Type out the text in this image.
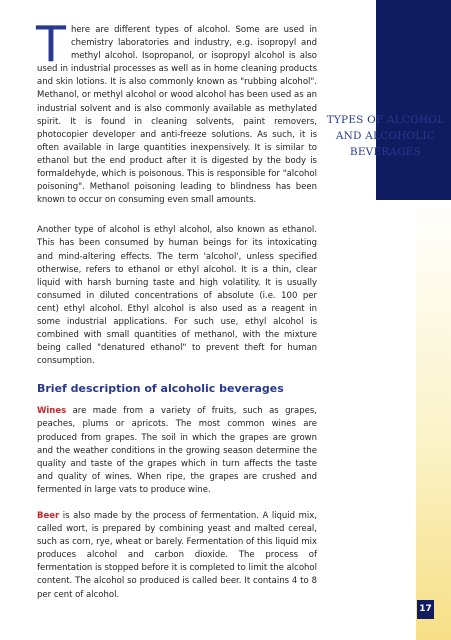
TYPES OF ALCOHOL
AND ALCOHOLIC
BEVERAGES

There are different types of alcohol. Some are used in chemistry laboratories and industry, e.g. isopropyl and methyl alcohol. Isopropanol, or isopropyl alcohol is also used in industrial processes as well as in home cleaning products and skin lotions. It is also commonly known as "rubbing alcohol". Methanol, or methyl alcohol or wood alcohol has been used as an industrial solvent and is also commonly available as methylated spirit. It is found in cleaning solvents, paint removers, photocopier developer and anti-freeze solutions. As such, it is often available in large quantities inexpensively. It is similar to ethanol but the end product after it is digested by the body is formaldehyde, which is poisonous. This is responsible for "alcohol poisoning". Methanol poisoning leading to blindness has been known to occur on consuming even small amounts.

Another type of alcohol is ethyl alcohol, also known as ethanol. This has been consumed by human beings for its intoxicating and mind-altering effects. The term 'alcohol', unless specified otherwise, refers to ethanol or ethyl alcohol. It is a thin, clear liquid with harsh burning taste and high volatility. It is usually consumed in diluted concentrations of absolute (i.e. 100 per cent) ethyl alcohol. Ethyl alcohol is also used as a reagent in some industrial applications. For such use, ethyl alcohol is combined with small quantities of methanol, with the mixture being called "denatured ethanol" to prevent theft for human consumption.

Brief description of alcoholic beverages

Wines are made from a variety of fruits, such as grapes, peaches, plums or apricots. The most common wines are produced from grapes. The soil in which the grapes are grown and the weather conditions in the growing season determine the quality and taste of the grapes which in turn affects the taste and quality of wines. When ripe, the grapes are crushed and fermented in large vats to produce wine.

Beer is also made by the process of fermentation. A liquid mix, called wort, is prepared by combining yeast and malted cereal, such as corn, rye, wheat or barely. Fermentation of this liquid mix produces alcohol and carbon dioxide. The process of fermentation is stopped before it is completed to limit the alcohol content. The alcohol so produced is called beer. It contains 4 to 8 per cent of alcohol.

17
